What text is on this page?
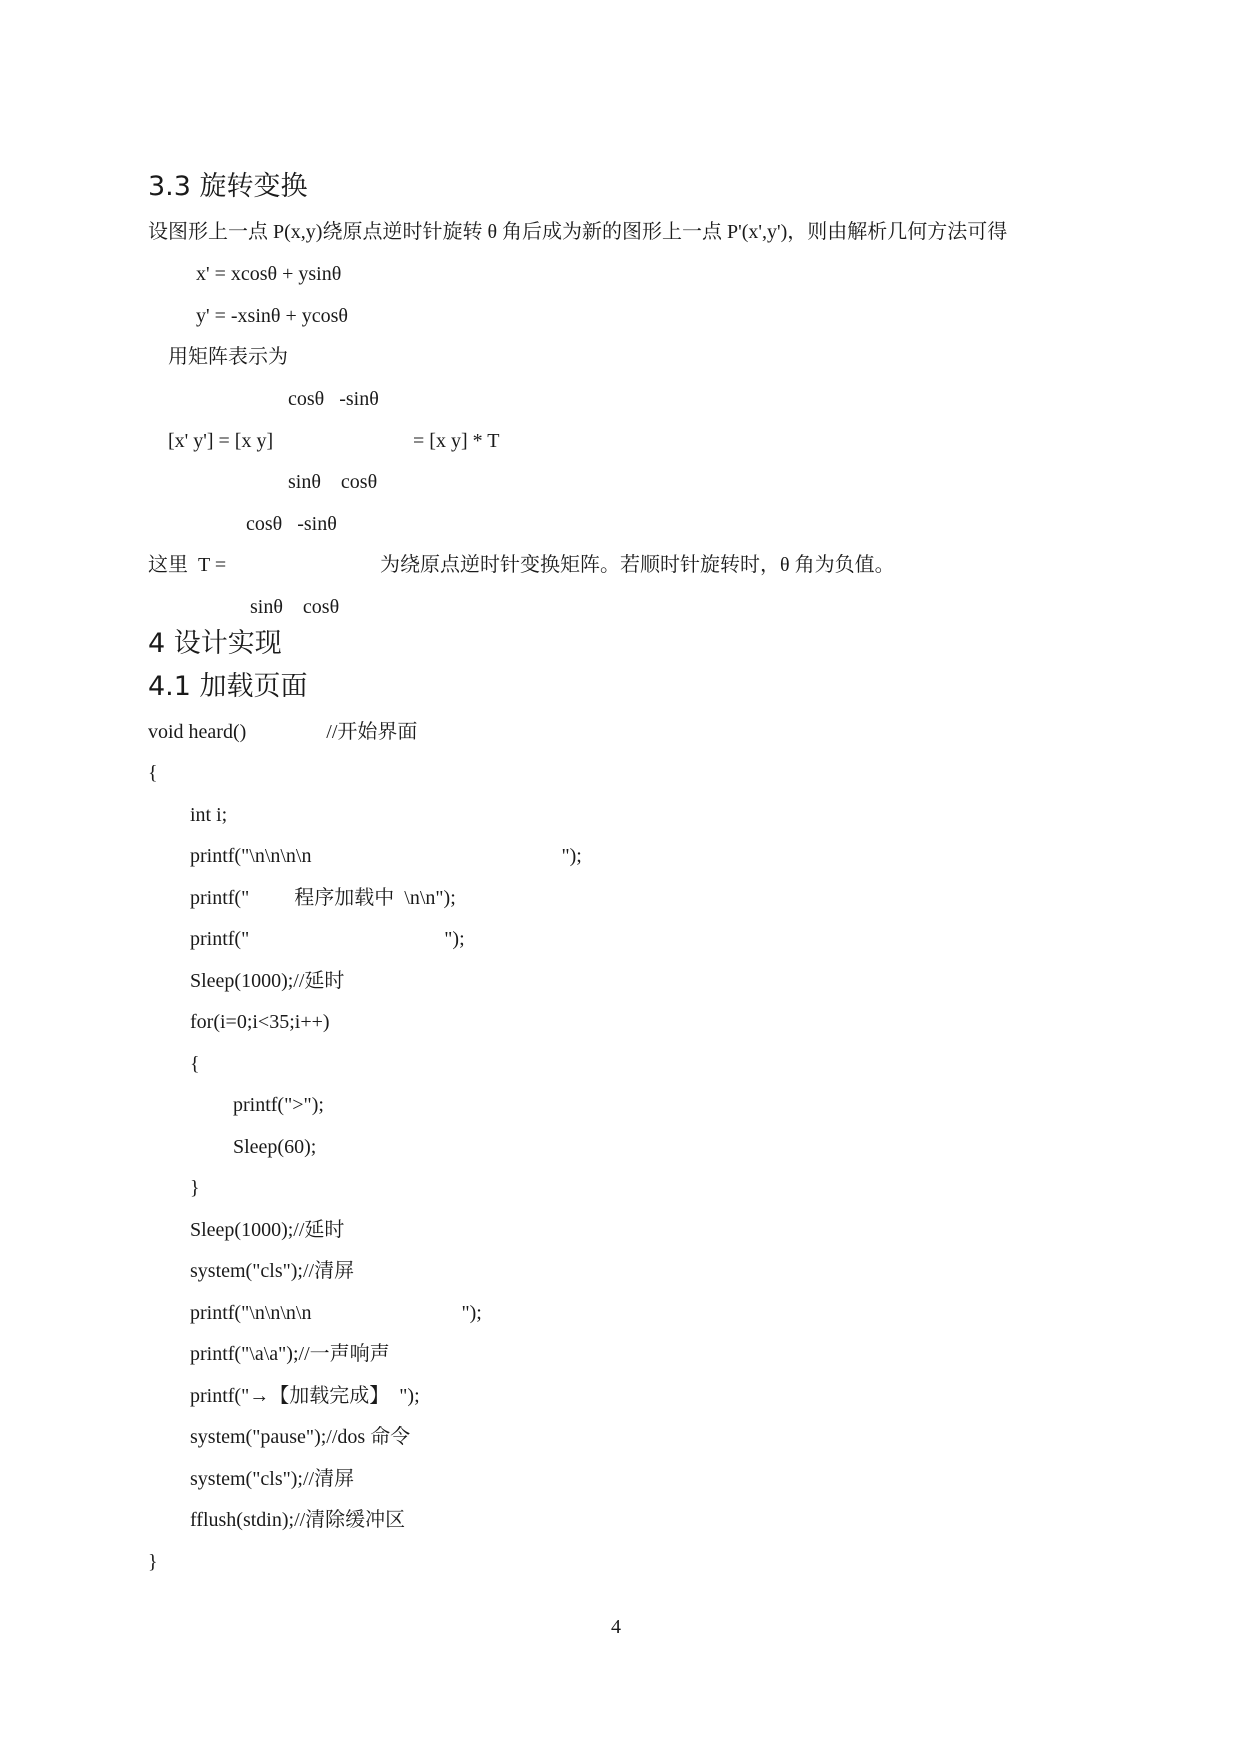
3.3 旋转变换
设图形上一点 P(x,y)绕原点逆时针旋转 θ 角后成为新的图形上一点 P'(x',y')，则由解析几何方法可得
x' = xcosθ + ysinθ
y' = -xsinθ + ycosθ
用矩阵表示为
cosθ   -sinθ
[x' y'] = [x y]	= [x y] * T
sinθ    cosθ
cosθ   -sinθ
这里  T =	为绕原点逆时针变换矩阵。若顺时针旋转时，θ 角为负值。
sinθ    cosθ
4 设计实现
4.1 加载页面
void heard()                //开始界面
{
int i;
printf("\n\n\n\n                                                  ");
printf("         程序加载中  \n\n");
printf("                                       ");
Sleep(1000);//延时
for(i=0;i<35;i++)
{
printf(">");
Sleep(60);
}
Sleep(1000);//延时
system("cls");//清屏
printf("\n\n\n\n                              ");
printf("\a\a");//一声响声
printf("→【加载完成】  ");
system("pause");//dos 命令
system("cls");//清屏
fflush(stdin);//清除缓冲区
}
4
